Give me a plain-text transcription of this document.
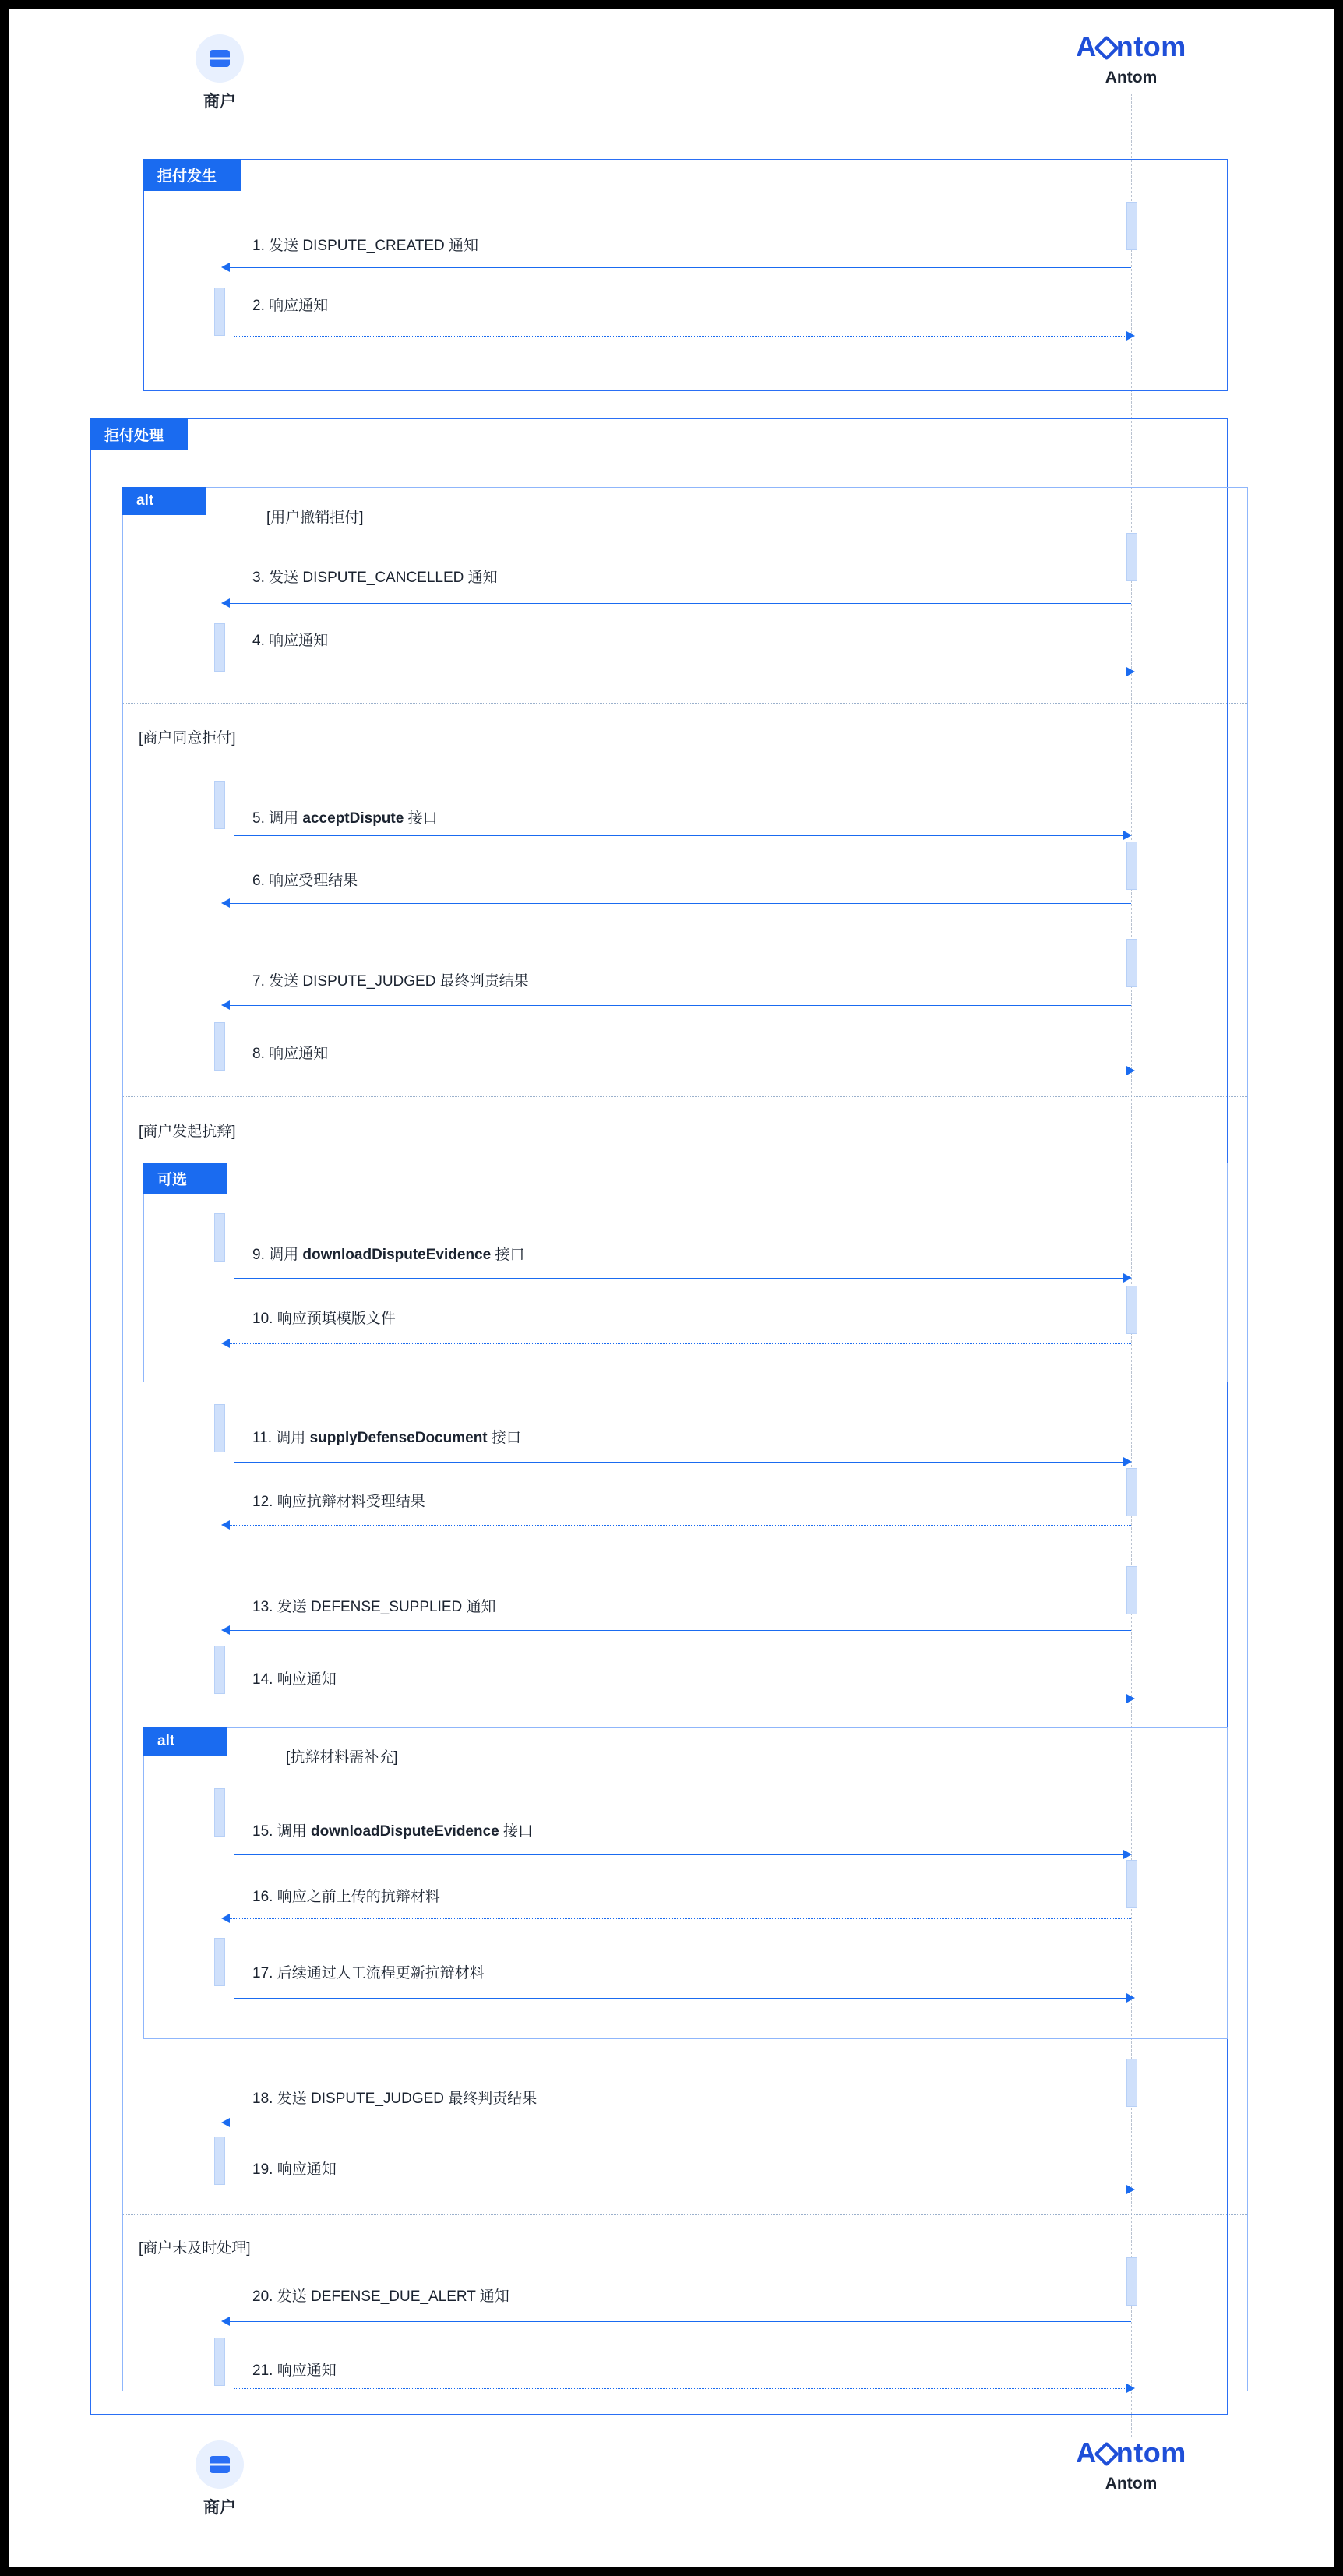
商户
A ntom
Antom
商户
A ntom
Antom
拒付发生
1. 发送 DISPUTE_CREATED 通知
2. 响应通知
拒付处理
alt
[用户撤销拒付]
3. 发送 DISPUTE_CANCELLED 通知
4. 响应通知
[商户同意拒付]
5. 调用 acceptDispute 接口
6. 响应受理结果
7. 发送 DISPUTE_JUDGED 最终判责结果
8. 响应通知
[商户发起抗辩]
可选
9. 调用 downloadDisputeEvidence 接口
10. 响应预填模版文件
11. 调用 supplyDefenseDocument 接口
12. 响应抗辩材料受理结果
13. 发送 DEFENSE_SUPPLIED 通知
14. 响应通知
alt
[抗辩材料需补充]
15. 调用 downloadDisputeEvidence 接口
16. 响应之前上传的抗辩材料
17. 后续通过人工流程更新抗辩材料
18. 发送 DISPUTE_JUDGED 最终判责结果
19. 响应通知
[商户未及时处理]
20. 发送 DEFENSE_DUE_ALERT 通知
21. 响应通知
